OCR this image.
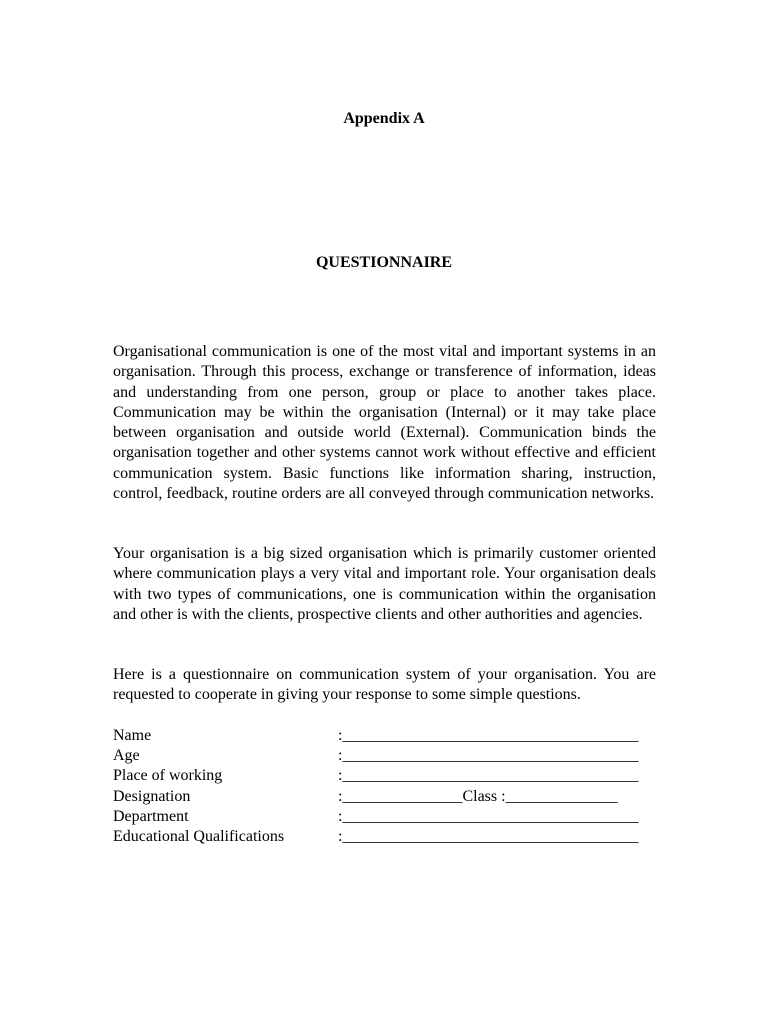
Appendix A
QUESTIONNAIRE

Organisational communication is one of the most vital and important systems in an organisation. Through this process, exchange or transference of information, ideas and understanding from one person, group or place to another takes place. Communication may be within the organisation (Internal) or it may take place between organisation and outside world (External). Communication binds the organisation together and other systems cannot work without effective and efficient communication system. Basic functions like information sharing, instruction, control, feedback, routine orders are all conveyed through communication networks.

Your organisation is a big sized organisation which is primarily customer oriented where communication plays a very vital and important role. Your organisation deals with two types of communications, one is communication within the organisation and other is with the clients, prospective clients and other authorities and agencies.

Here is a questionnaire on communication system of your organisation. You are requested to cooperate in giving your response to some simple questions.

Name	:_____________________________________
Age	:_____________________________________
Place of working	:_____________________________________
Designation	:_______________Class :______________
Department	:_____________________________________
Educational Qualifications	:_____________________________________
